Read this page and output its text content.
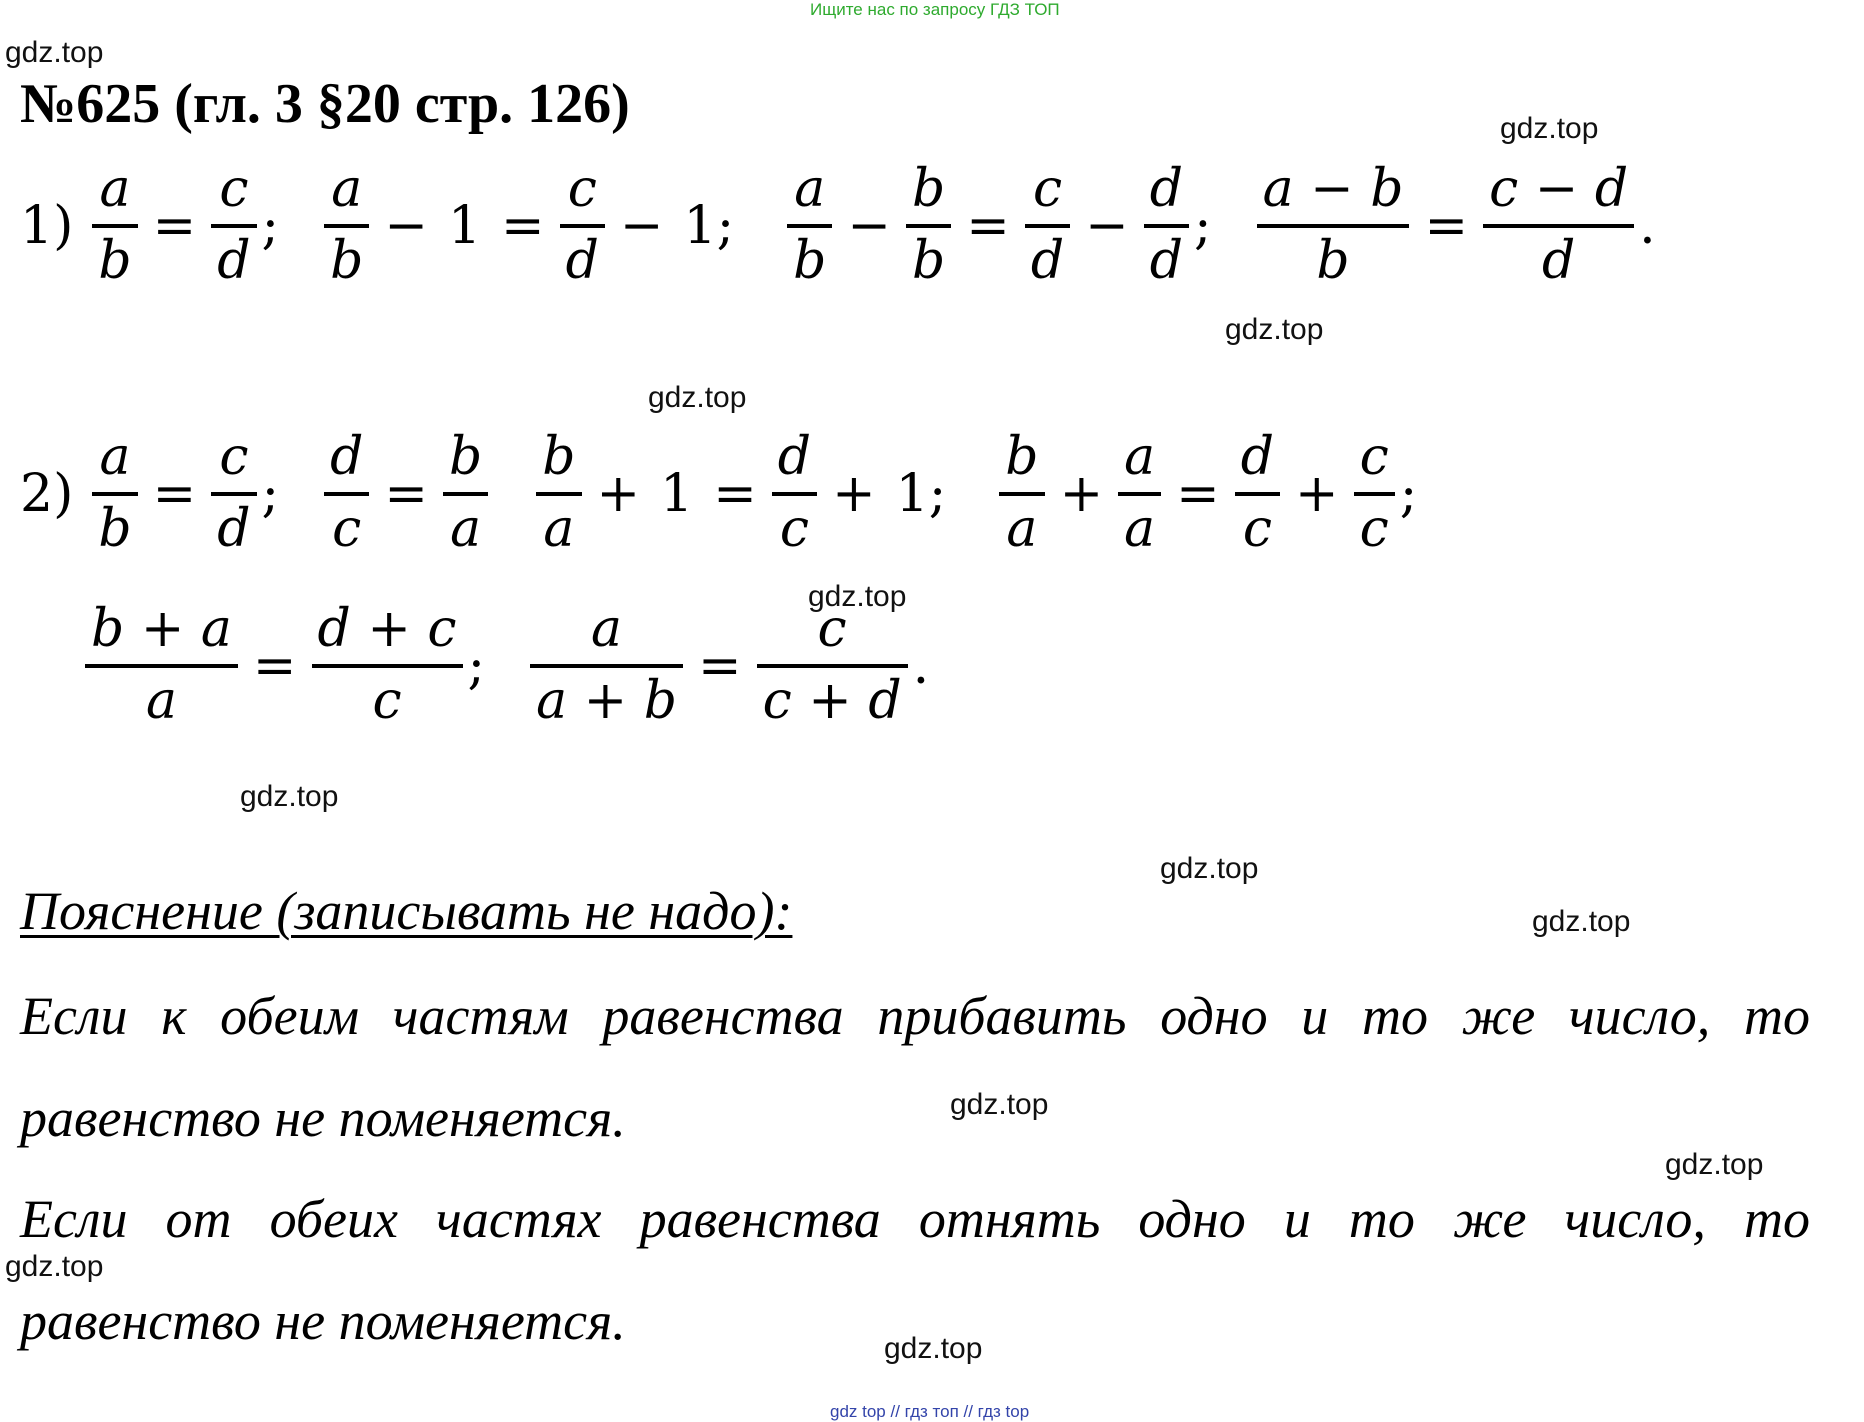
Ищите нас по запросу ГДЗ ТОП
gdz.top
gdz.top
gdz.top
gdz.top
gdz.top
gdz.top
gdz.top
gdz.top
gdz.top
gdz.top
gdz.top
gdz.top
№625 (гл. 3 §20 стр. 126)
$1) \frac{a}{b} = \frac{c}{d}$ ; $\frac{a}{b} - 1 = \frac{c}{d} - 1$; $\frac{a}{b} - \frac{b}{b} = \frac{c}{d} - \frac{d}{d}$ ; $\frac{a - b}{b} = \frac{c - d}{d}$ .
$2) \frac{a}{b} = \frac{c}{d}$ ; $\frac{d}{c} = \frac{b}{a} \frac{b}{a} + 1 = \frac{d}{c} + 1$; $\frac{b}{a} + \frac{a}{a} = \frac{d}{c} + \frac{c}{c}$ ;
$\frac{b + a}{a} = \frac{d + c}{c}$ ; $\frac{a}{a + b} = \frac{c}{c + d}$ .
Пояснение (записывать не надо):
Если к обеим частям равенства прибавить одно и то же число, то
равенство не поменяется.
Если от обеих частях равенства отнять одно и то же число, то
равенство не поменяется.
gdz top // гдз топ // гдз top
